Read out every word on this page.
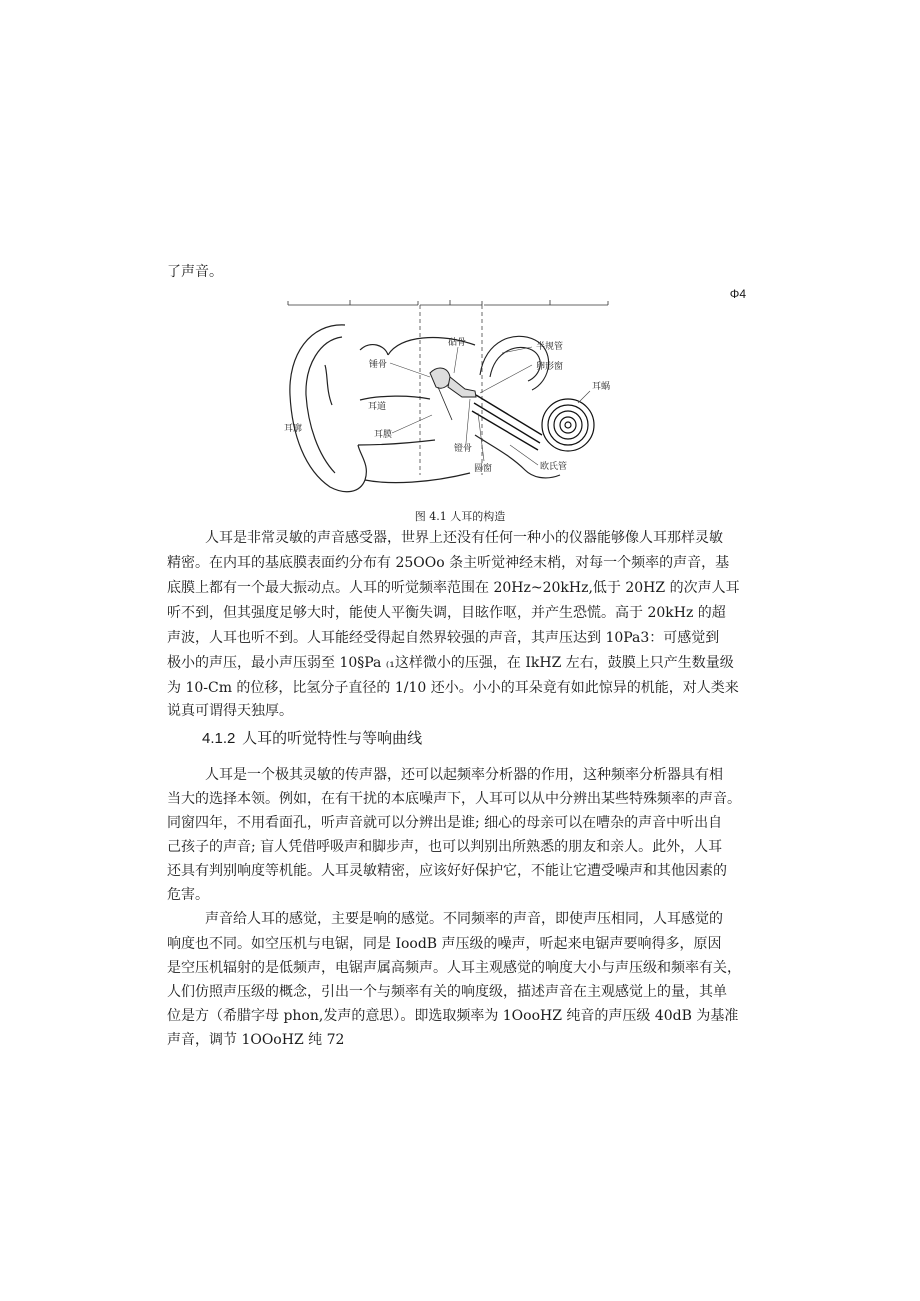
了声音。
Φ4
耳廓
耳道
耳膜
锤骨
砧骨
镫骨
圆窗
半规管
卵形窗
耳蜗
欧氏管
图 4.1 人耳的构造
人耳是非常灵敏的声音感受器，世界上还没有任何一种小的仪器能够像人耳那样灵敏
精密。在内耳的基底膜表面约分布有 25OOo 条主听觉神经末梢，对每一个频率的声音，基
底膜上都有一个最大振动点。人耳的听觉频率范围在 20Hz~20kHz,低于 20HZ 的次声人耳
听不到，但其强度足够大时，能使人平衡失调，目眩作呕，并产生恐慌。高于 20kHz 的超
声波，人耳也听不到。人耳能经受得起自然界较强的声音，其声压达到 10Pa3：可感觉到
极小的声压，最小声压弱至 10§Pa ₍₁这样微小的压强，在 IkHZ 左右，鼓膜上只产生数量级
为 10-Cm 的位移，比氢分子直径的 1/10 还小。小小的耳朵竟有如此惊异的机能，对人类来
说真可谓得天独厚。
4.1.2 人耳的听觉特性与等响曲线
人耳是一个极其灵敏的传声器，还可以起频率分析器的作用，这种频率分析器具有相
当大的选择本领。例如，在有干扰的本底噪声下，人耳可以从中分辨出某些特殊频率的声音。
同窗四年，不用看面孔，听声音就可以分辨出是谁; 细心的母亲可以在嘈杂的声音中听出自
己孩子的声音; 盲人凭借呼吸声和脚步声，也可以判别出所熟悉的朋友和亲人。此外，人耳
还具有判别响度等机能。人耳灵敏精密，应该好好保护它，不能让它遭受噪声和其他因素的
危害。
声音给人耳的感觉，主要是响的感觉。不同频率的声音，即使声压相同，人耳感觉的
响度也不同。如空压机与电锯，同是 IoodB 声压级的噪声，听起来电锯声要响得多，原因
是空压机辐射的是低频声，电锯声属高频声。人耳主观感觉的响度大小与声压级和频率有关，
人们仿照声压级的概念，引出一个与频率有关的响度级，描述声音在主观感觉上的量，其单
位是方（希腊字母 phon,发声的意思）。即选取频率为 1OooHZ 纯音的声压级 40dB 为基准
声音，调节 1OOoHZ 纯 72
